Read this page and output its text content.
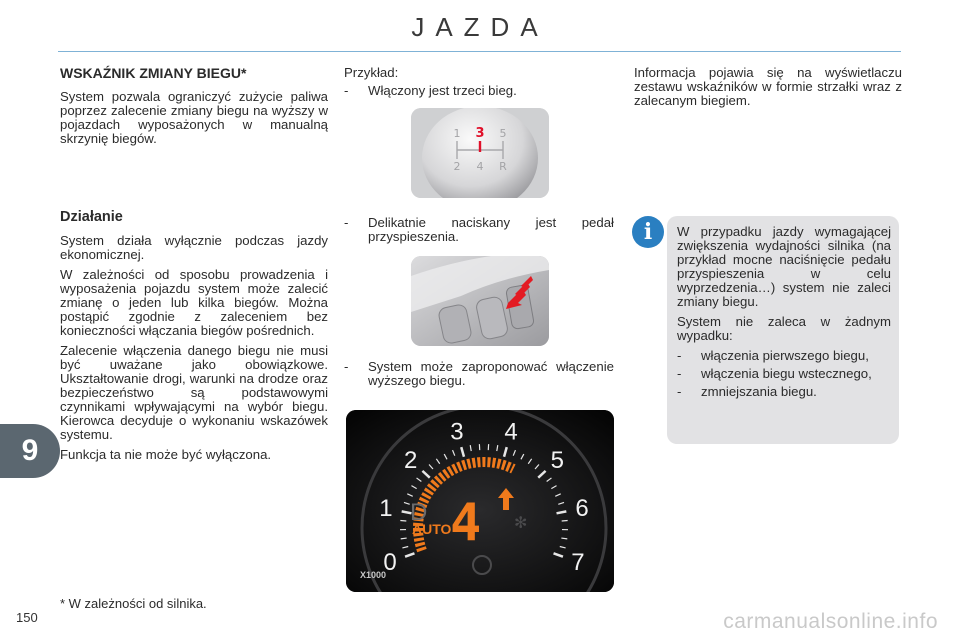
JAZDA
9
150
WSKAŹNIK ZMIANY BIEGU*

System pozwala ograniczyć zużycie paliwa poprzez zalecenie zmiany biegu na wyższy w pojazdach wyposażonych w manualną skrzynię biegów.

Działanie

System działa wyłącznie podczas jazdy ekonomicznej.

W zależności od sposobu prowadzenia i wyposażenia pojazdu system może zalecić zmianę o jeden lub kilka biegów. Można postąpić zgodnie z zaleceniem bez konieczności włączania biegów pośrednich.

Zalecenie włączenia danego biegu nie musi być uważane jako obowiązkowe. Ukształtowanie drogi, warunki na drodze oraz bezpieczeństwo są podstawowymi czynnikami wpływającymi na wybór biegu. Kierowca decyduje o wykonaniu wskazówek systemu.

Funkcja ta nie może być wyłączona.

* W zależności od silnika.

Przykład:

-	Włączony jest trzeci bieg.
1 3 5
2 4 R
-	Delikatnie naciskany jest pedał przyspieszenia.
-	System może zaproponować włączenie wyższego biegu.
0
1
2
3 4
5
6
7
D
AUTO
4 ✻
X1000

Informacja pojawia się na wyświetlaczu zestawu wskaźników w formie strzałki wraz z zalecanym biegiem.

i	W przypadku jazdy wymagającej zwiększenia wydajności silnika (na przykład mocne naciśnięcie pedału przyspieszenia w celu wyprzedzenia…) system nie zaleci zmiany biegu.

System nie zaleca w żadnym wypadku:

-	włączenia pierwszego biegu,
-	włączenia biegu wstecznego,
-	zmniejszania biegu.
carmanualsonline.info
